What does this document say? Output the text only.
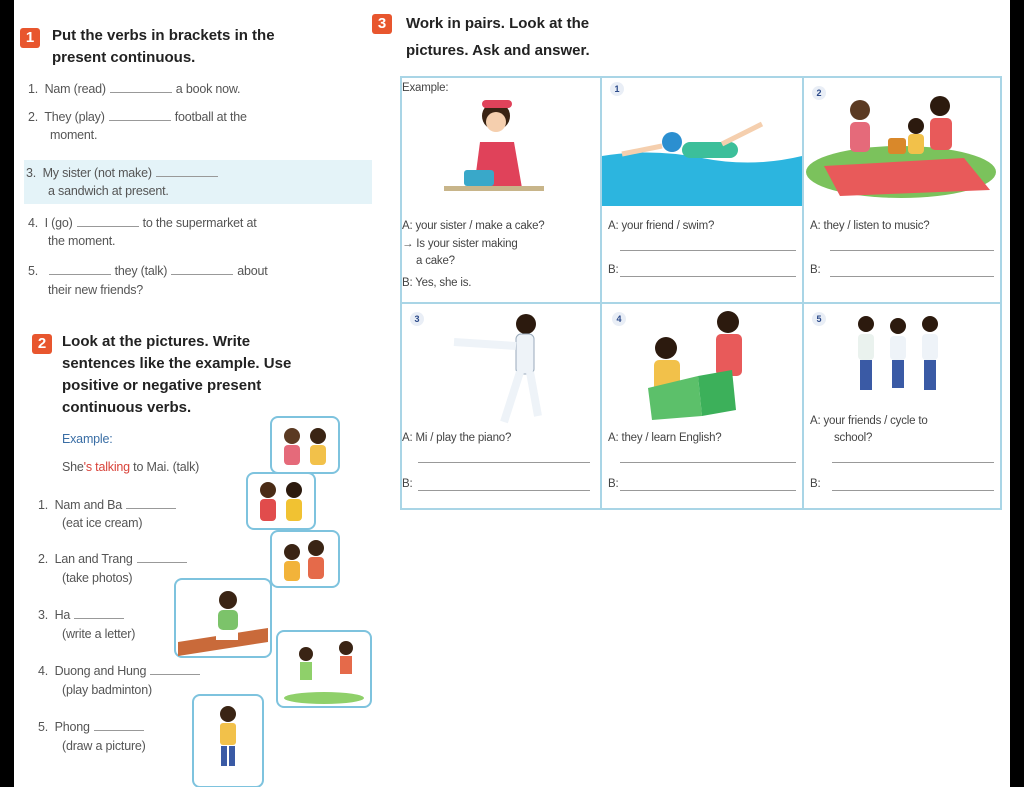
1	Put the verbs in brackets in the
present continuous.
1. Nam (read)	a book now.
2. They (play)	football at the
moment.
3. My sister (not make)
a sandwich at present.
4. I (go)	to the supermarket at
the moment.
5.	they (talk)	about
their new friends?
2	Look at the pictures. Write
sentences like the example. Use
positive or negative present
continuous verbs.
Example:
She's talking to Mai. (talk)
1. Nam and Ba
(eat ice cream)
2. Lan and Trang
(take photos)
3. Ha
(write a letter)
4. Duong and Hung
(play badminton)
5. Phong
(draw a picture)
3	Work in pairs. Look at the
pictures. Ask and answer.
Example:
A: your sister / make a cake?
→ Is your sister making
a cake?
B: Yes, she is.
1
A: your friend / swim?
B:
2
A: they / listen to music?
B:
3
A: Mi / play the piano?
B:
4
A: they / learn English?
B:
5
A: your friends / cycle to
school?
B:
